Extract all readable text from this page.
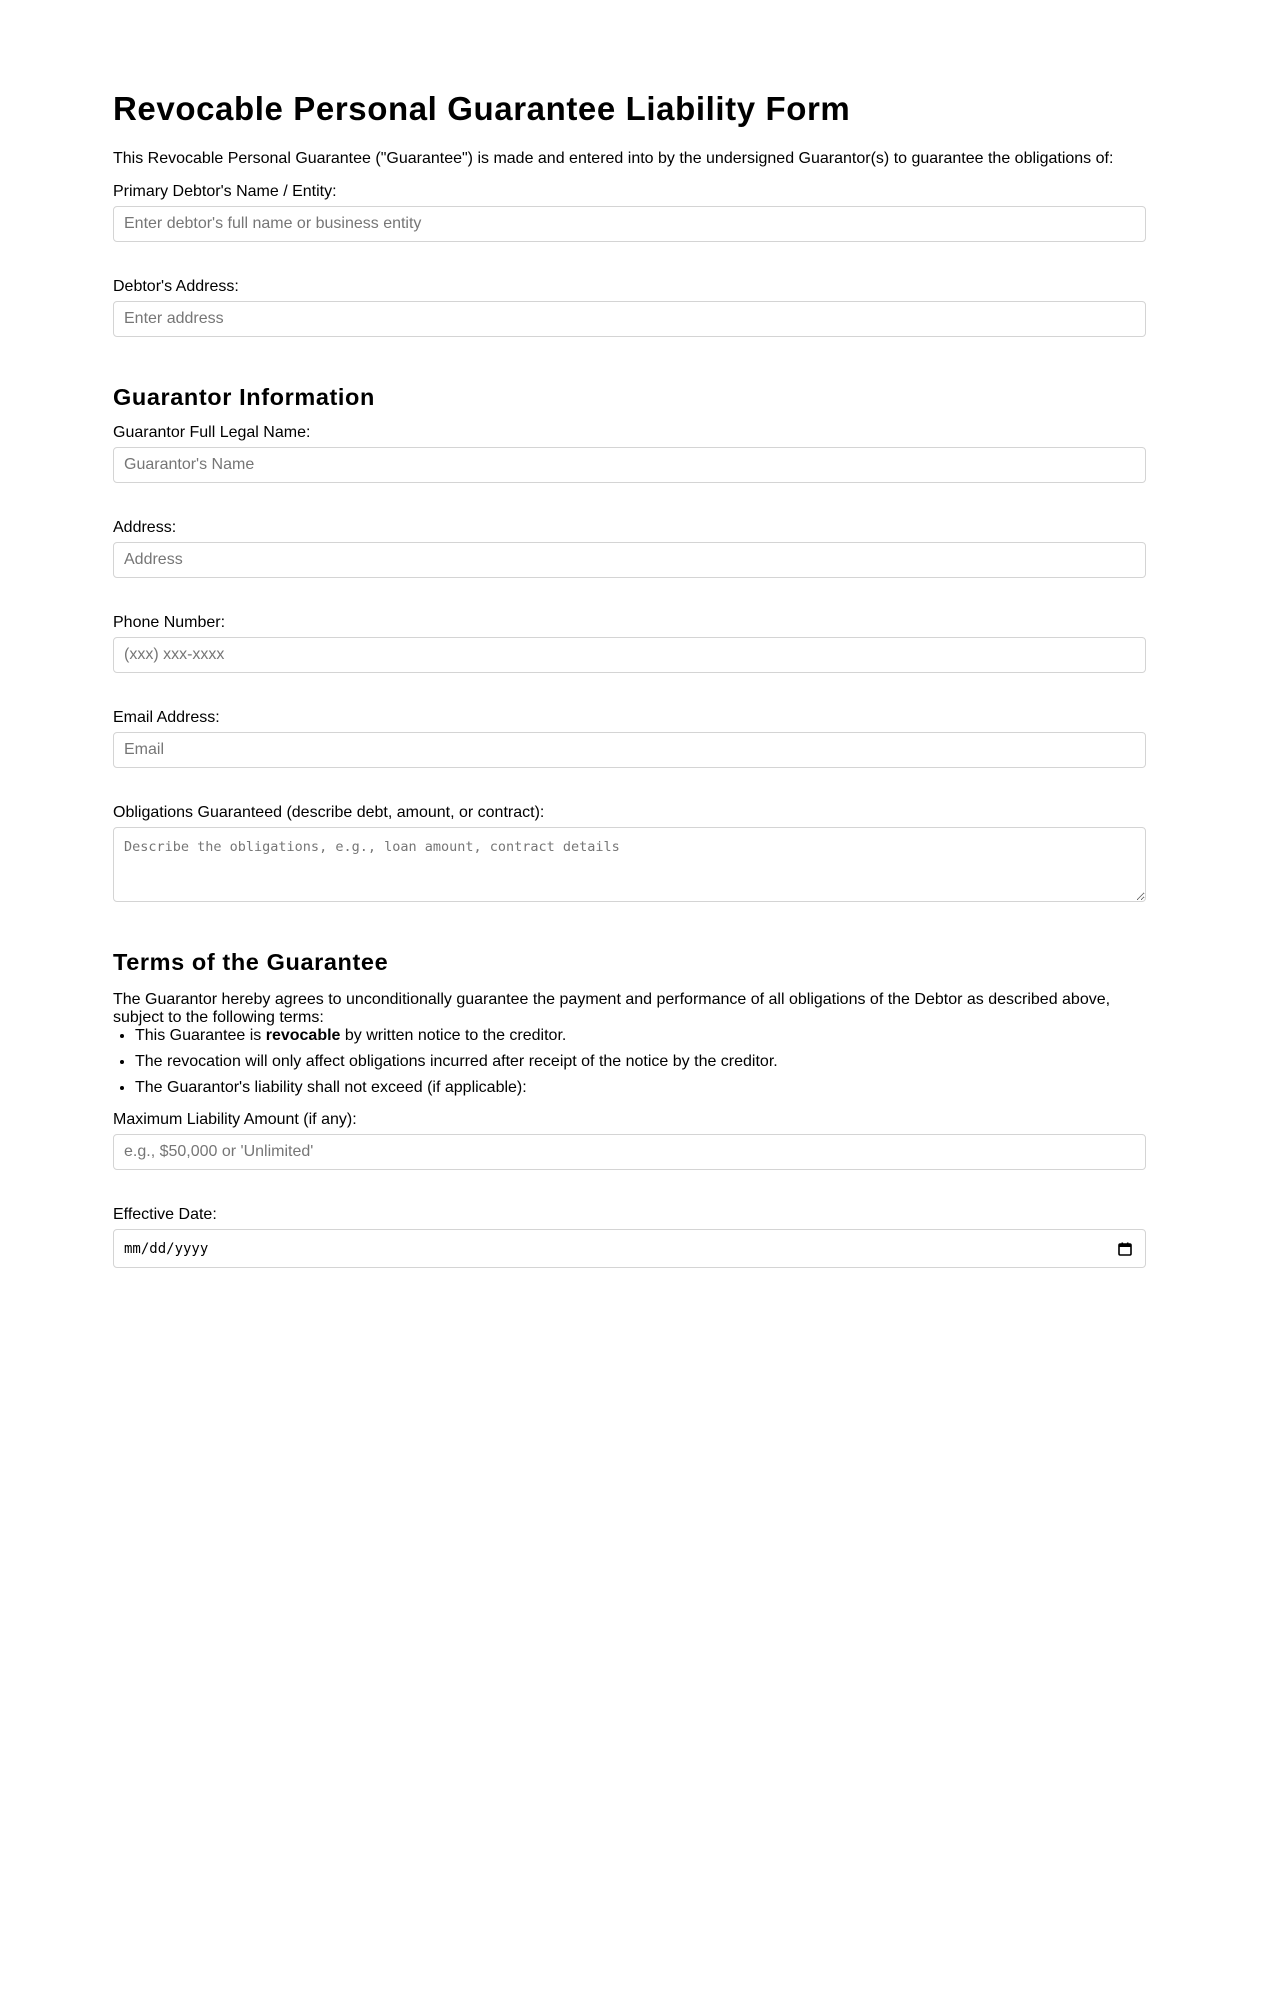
Revocable Personal Guarantee Liability Form

This Revocable Personal Guarantee ("Guarantee") is made and entered into by the undersigned Guarantor(s) to guarantee the obligations of:

Primary Debtor's Name / Entity:
Enter debtor's full name or business entity
Debtor's Address:
Enter address
Guarantor Information
Guarantor Full Legal Name:
Guarantor's Name
Address:
Address
Phone Number:
(xxx) xxx-xxxx
Email Address:
Email
Obligations Guaranteed (describe debt, amount, or contract):
Describe the obligations, e.g., loan amount, contract details
Terms of the Guarantee

The Guarantor hereby agrees to unconditionally guarantee the payment and performance of all obligations of the Debtor as described above, subject to the following terms:

• This Guarantee is revocable by written notice to the creditor.
• The revocation will only affect obligations incurred after receipt of the notice by the creditor.
• The Guarantor's liability shall not exceed (if applicable):
Maximum Liability Amount (if any):
e.g., $50,000 or 'Unlimited'
Effective Date:
mm/dd/yyyy
